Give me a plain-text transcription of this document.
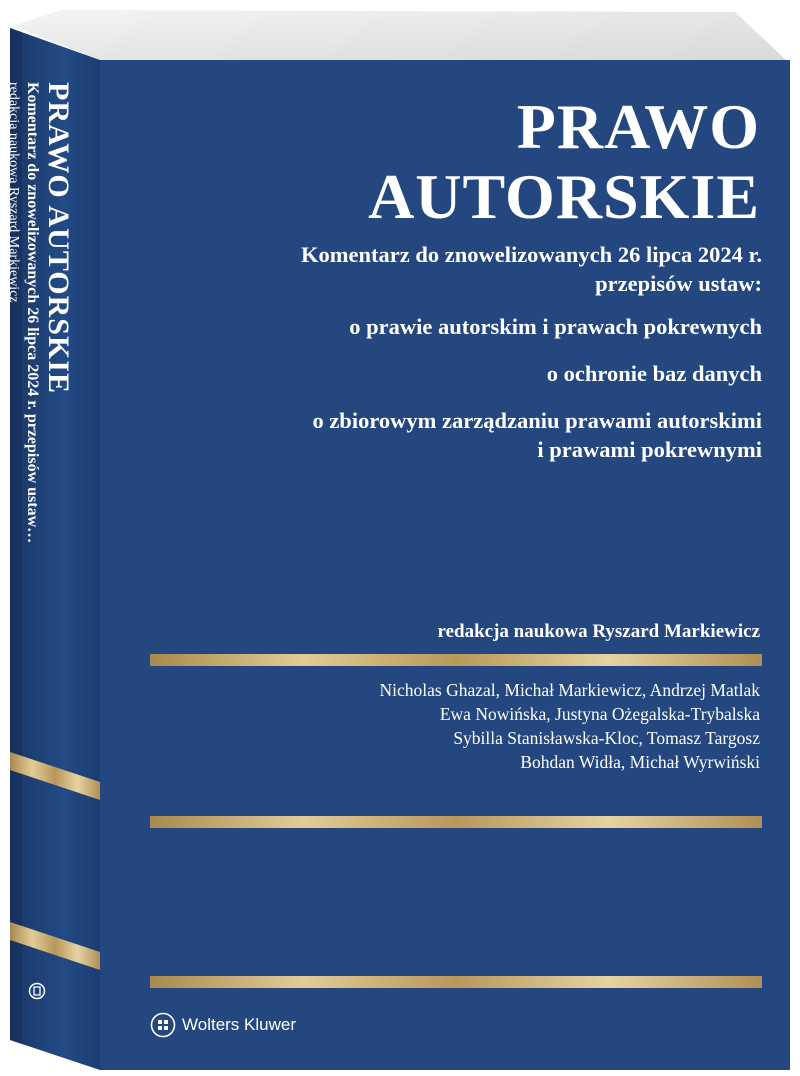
PRAWO AUTORSKIE
Komentarz do znowelizowanych 26 lipca 2024 r. przepisów ustaw…
redakcja naukowa Ryszard Markiewicz	PRAWO
AUTORSKIE

Komentarz do znowelizowanych 26 lipca 2024 r.

przepisów ustaw:

o prawie autorskim i prawach pokrewnych

o ochronie baz danych

o zbiorowym zarządzaniu prawami autorskimi

i prawami pokrewnymi

redakcja naukowa Ryszard Markiewicz
Nicholas Ghazal, Michał Markiewicz, Andrzej Matlak
Ewa Nowińska, Justyna Ożegalska-Trybalska
Sybilla Stanisławska-Kloc, Tomasz Targosz
Bohdan Widła, Michał Wyrwiński
Wolters Kluwer
